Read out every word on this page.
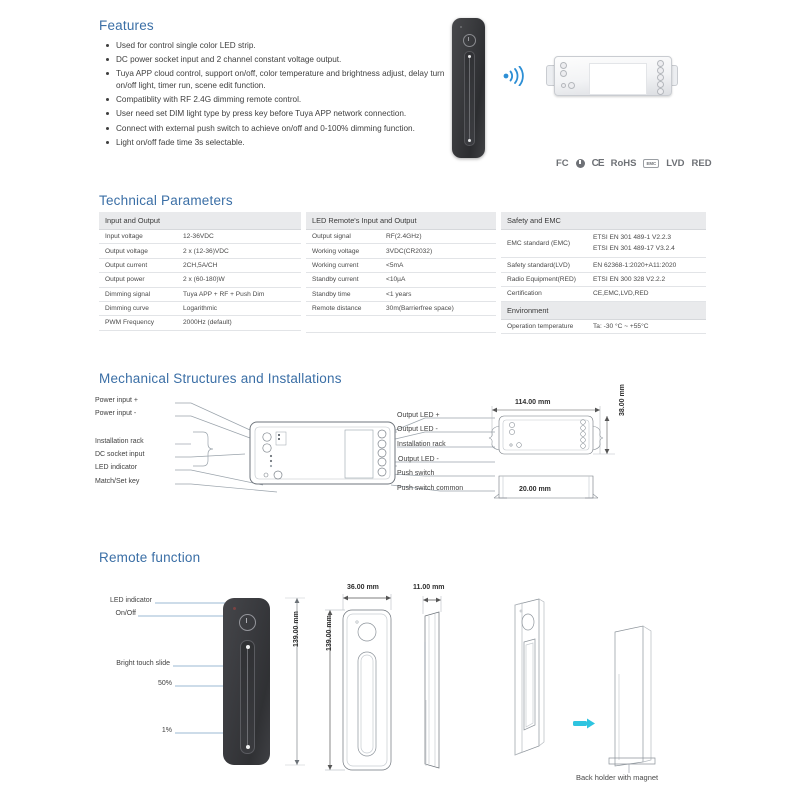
Features
Used for control single color LED strip.
DC power socket input and 2 channel constant voltage output.
Tuya APP cloud control, support on/off, color temperature and brightness adjust, delay turn on/off light, timer run, scene edit function.
Compatiblity with RF 2.4G dimming remote control.
User need set DIM light type by press key before Tuya APP network connection.
Connect with external push switch to achieve on/off and 0-100% dimming function.
Light on/off fade time 3s selectable.
FC CE RoHS	EMC	LVD RED
Technical Parameters
Input and Output	
Input voltage	12-36VDC
Output voltage	2 x (12-36)VDC
Output current	2CH,5A/CH
Output power	2 x (60-180)W
Dimming signal	Tuya APP + RF + Push Dim
Dimming curve	Logarithmic
PWM Frequency	2000Hz (default)
LED Remote's Input and Output	
Output signal	RF(2.4GHz)
Working voltage	3VDC(CR2032)
Working current	<5mA
Standby current	<10µA
Standby time	<1 years
Remote distance	30m(Barrierfree space)

Safety and EMC	
EMC standard (EMC)	ETSI EN 301 489-1 V2.2.3
ETSI EN 301 489-17 V3.2.4
Safety standard(LVD)	EN 62368-1:2020+A11:2020
Radio Equipment(RED)	ETSI EN 300 328 V2.2.2
Certification	CE,EMC,LVD,RED
Environment	
Operation temperature	Ta: -30 °C ~ +55°C
Mechanical Structures and Installations
Power input +
Power input -
Installation rack
DC socket input
LED indicator
Match/Set key
Output LED +
Output LED -
Installation rack
Output LED -
Push switch
Push switch common
114.00 mm	38.00 mm
20.00 mm
Remote function
LED indicator
On/Off
Bright touch slide
50%
1%
139.00 mm	139.00 mm
36.00 mm	11.00 mm
Back holder with magnet
